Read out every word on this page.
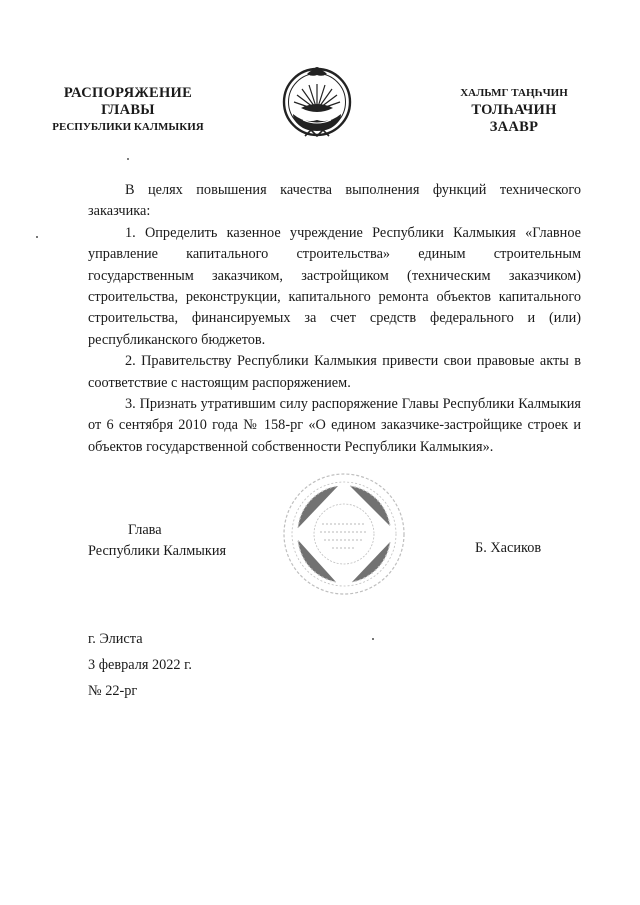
РАСПОРЯЖЕНИЕ
ГЛАВЫ
РЕСПУБЛИКИ КАЛМЫКИЯ
ХАЛЬМГ ТАҢҺЧИН
ТОЛҺАЧИН
ЗААВР

В целях повышения качества выполнения функций технического заказчика:

1. Определить казенное учреждение Республики Калмыкия «Главное управление капитального строительства» единым строительным государственным заказчиком, застройщиком (техническим заказчиком) строительства, реконструкции, капитального ремонта объектов капитального строительства, финансируемых за счет средств федерального и (или) республиканского бюджетов.

2. Правительству Республики Калмыкия привести свои правовые акты в соответствие с настоящим распоряжением.

3. Признать утратившим силу распоряжение Главы Республики Калмыкия от 6 сентября 2010 года № 158-рг «О едином заказчике-застройщике строек и объектов государственной собственности Республики Калмыкия».

Глава
Республики Калмыкия	Б. Хасиков
г. Элиста
3 февраля 2022 г.
№ 22-рг
